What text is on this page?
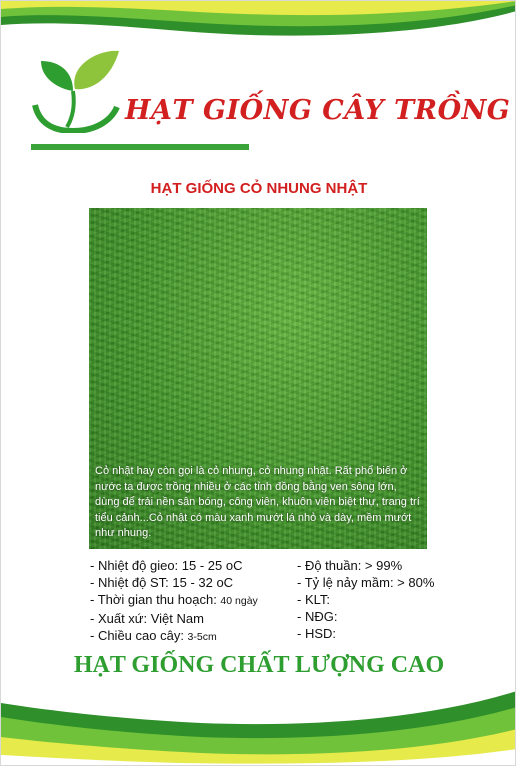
HẠT GIỐNG CÂY TRỒNG
HẠT GIỐNG CỎ NHUNG NHẬT

Cỏ nhật hay còn gọi là cỏ nhung, cỏ nhung nhật. Rất phổ biến ở nước ta được trồng nhiều ở các tỉnh đồng bằng ven sông lớn, dùng để trải nền sân bóng, công viên, khuôn viên biệt thự, trang trí tiểu cảnh...Cỏ nhật có màu xanh mướt lá nhỏ và dày, mềm mướt như nhung.

- Nhiệt độ gieo: 15 - 25 oC
- Nhiệt độ ST: 15 - 32 oC
- Thời gian thu hoạch: 40 ngày
- Xuất xứ: Việt Nam
- Chiều cao cây: 3-5cm
- Độ thuần: > 99%
- Tỷ lệ nảy mầm: > 80%
- KLT:
- NĐG:
- HSD:
HẠT GIỐNG CHẤT LƯỢNG CAO
